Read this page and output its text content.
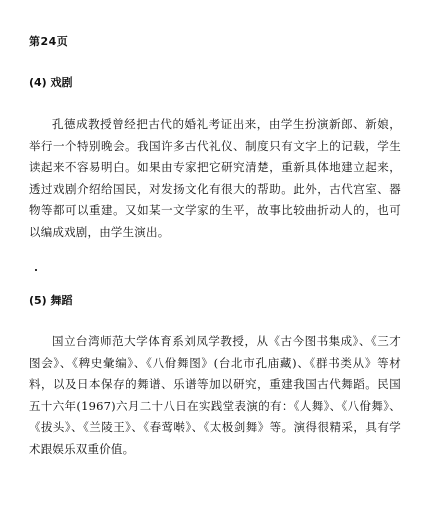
第24页
(4) 戏剧

孔德成教授曾经把古代的婚礼考证出来，由学生扮演新郎、新娘，举行一个特别晚会。我国许多古代礼仪、制度只有文字上的记载，学生读起来不容易明白。如果由专家把它研究清楚，重新具体地建立起来，透过戏剧介绍给国民，对发扬文化有很大的帮助。此外，古代宫室、器物等都可以重建。又如某一文学家的生平，故事比较曲折动人的，也可以编成戏剧，由学生演出。

(5) 舞蹈

国立台湾师范大学体育系刘凤学教授，从《古今图书集成》、《三才图会》、《稗史彙编》、《八佾舞图》(台北市孔庙藏)、《群书类从》等材料，以及日本保存的舞谱、乐谱等加以研究，重建我国古代舞蹈。民国五十六年(1967)六月二十八日在实践堂表演的有：《人舞》、《八佾舞》、《拔头》、《兰陵王》、《春莺啭》、《太极剑舞》等。演得很精采，具有学术跟娱乐双重价值。
